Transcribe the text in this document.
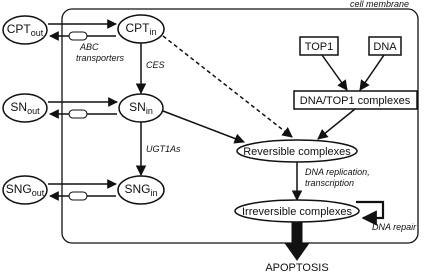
cell membrane
$CPT_{out}$
$SN_{out}$
$SNG_{out}$
$CPT_{in}$
$SN_{in}$
$SNG_{in}$
ABC transporters
CES
UGT1As
TOP1	DNA
DNA/TOP1 complexes
Reversible complexes
DNA replication, transcription
Irreversible complexes
DNA repair
APOPTOSIS
